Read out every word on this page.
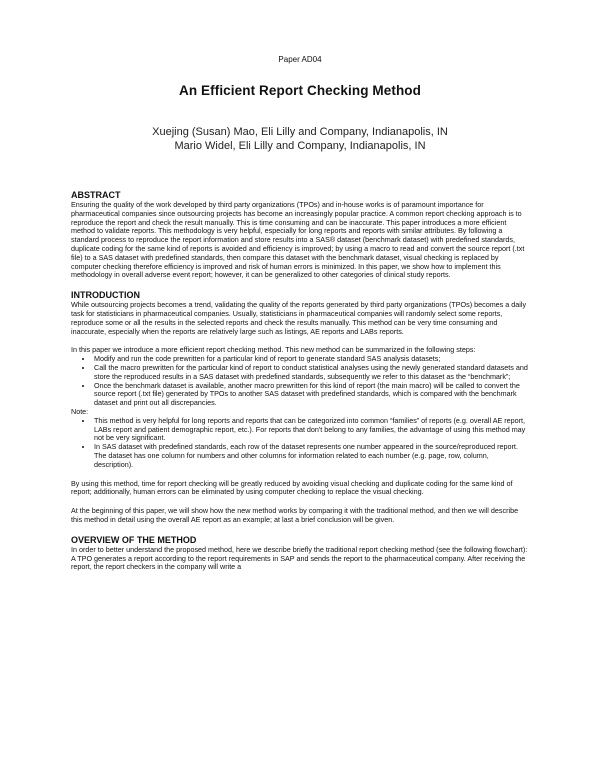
Paper AD04
An Efficient Report Checking Method
Xuejing (Susan) Mao, Eli Lilly and Company, Indianapolis, IN
Mario Widel, Eli Lilly and Company, Indianapolis, IN
ABSTRACT

Ensuring the quality of the work developed by third party organizations (TPOs) and in-house works is of paramount importance for pharmaceutical companies since outsourcing projects has become an increasingly popular practice. A common report checking approach is to reproduce the report and check the result manually. This is time consuming and can be inaccurate. This paper introduces a more efficient method to validate reports. This methodology is very helpful, especially for long reports and reports with similar attributes. By following a standard process to reproduce the report information and store results into a SAS® dataset (benchmark dataset) with predefined standards, duplicate coding for the same kind of reports is avoided and efficiency is improved; by using a macro to read and convert the source report (.txt file) to a SAS dataset with predefined standards, then compare this dataset with the benchmark dataset, visual checking is replaced by computer checking therefore efficiency is improved and risk of human errors is minimized. In this paper, we show how to implement this methodology in overall adverse event report; however, it can be generalized to other categories of clinical study reports.

INTRODUCTION

While outsourcing projects becomes a trend, validating the quality of the reports generated by third party organizations (TPOs) becomes a daily task for statisticians in pharmaceutical companies. Usually, statisticians in pharmaceutical companies will randomly select some reports, reproduce some or all the results in the selected reports and check the results manually. This method can be very time consuming and inaccurate, especially when the reports are relatively large such as listings, AE reports and LABs reports.

In this paper we introduce a more efficient report checking method. This new method can be summarized in the following steps:

• Modify and run the code prewritten for a particular kind of report to generate standard SAS analysis datasets;
• Call the macro prewritten for the particular kind of report to conduct statistical analyses using the newly generated standard datasets and store the reproduced results in a SAS dataset with predefined standards, subsequently we refer to this dataset as the “benchmark”;
• Once the benchmark dataset is available, another macro prewritten for this kind of report (the main macro) will be called to convert the source report (.txt file) generated by TPOs to another SAS dataset with predefined standards, which is compared with the benchmark dataset and print out all discrepancies.
Note:
• This method is very helpful for long reports and reports that can be categorized into common “families” of reports (e.g. overall AE report, LABs report and patient demographic report, etc.). For reports that don't belong to any families, the advantage of using this method may not be very significant.
• In SAS dataset with predefined standards, each row of the dataset represents one number appeared in the source/reproduced report. The dataset has one column for numbers and other columns for information related to each number (e.g. page, row, column, description).

By using this method, time for report checking will be greatly reduced by avoiding visual checking and duplicate coding for the same kind of report; additionally, human errors can be eliminated by using computer checking to replace the visual checking.

At the beginning of this paper, we will show how the new method works by comparing it with the traditional method, and then we will describe this method in detail using the overall AE report as an example; at last a brief conclusion will be given.

OVERVIEW OF THE METHOD

In order to better understand the proposed method, here we describe briefly the traditional report checking method (see the following flowchart): A TPO generates a report according to the report requirements in SAP and sends the report to the pharmaceutical company. After receiving the report, the report checkers in the company will write a
